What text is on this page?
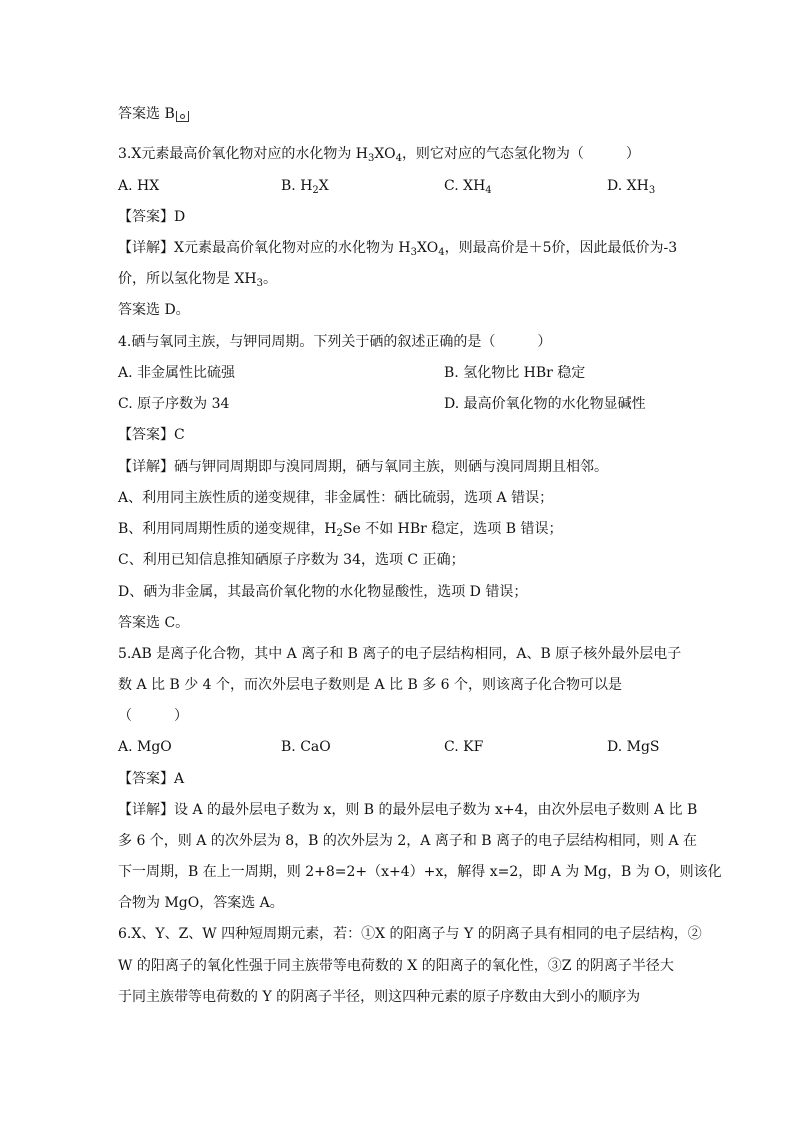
答案选 B
3.X元素最高价氧化物对应的水化物为 $H_3XO_4$，则它对应的气态氢化物为（　　　）
A. HX	B. $H_2X$	C. $XH_4$	D. $XH_3$
【答案】D
【详解】X元素最高价氧化物对应的水化物为 $H_3XO_4$，则最高价是＋5价，因此最低价为-3
价，所以氢化物是 $XH_3$。
答案选 D。
4.硒与氧同主族，与钾同周期。下列关于硒的叙述正确的是（　　　）
A. 非金属性比硫强	B. 氢化物比 HBr 稳定
C. 原子序数为 34	D. 最高价氧化物的水化物显碱性
【答案】C
【详解】硒与钾同周期即与溴同周期，硒与氧同主族，则硒与溴同周期且相邻。
A、利用同主族性质的递变规律，非金属性：硒比硫弱，选项 A 错误；
B、利用同周期性质的递变规律，$H_2Se$ 不如 HBr 稳定，选项 B 错误；
C、利用已知信息推知硒原子序数为 34，选项 C 正确；
D、硒为非金属，其最高价氧化物的水化物显酸性，选项 D 错误；
答案选 C。
5.AB 是离子化合物，其中 A 离子和 B 离子的电子层结构相同，A、B 原子核外最外层电子
数 A 比 B 少 4 个，而次外层电子数则是 A 比 B 多 6 个，则该离子化合物可以是
（　　　）
A. MgO	B. CaO	C. KF	D. MgS
【答案】A
【详解】设 A 的最外层电子数为 x，则 B 的最外层电子数为 x+4，由次外层电子数则 A 比 B
多 6 个，则 A 的次外层为 8，B 的次外层为 2，A 离子和 B 离子的电子层结构相同，则 A 在
下一周期，B 在上一周期，则 2+8=2+（x+4）+x，解得 x=2，即 A 为 Mg，B 为 O，则该化
合物为 MgO，答案选 A。
6.X、Y、Z、W 四种短周期元素，若：①X 的阳离子与 Y 的阴离子具有相同的电子层结构，②
W 的阳离子的氧化性强于同主族带等电荷数的 X 的阳离子的氧化性，③Z 的阴离子半径大
于同主族带等电荷数的 Y 的阴离子半径，则这四种元素的原子序数由大到小的顺序为
